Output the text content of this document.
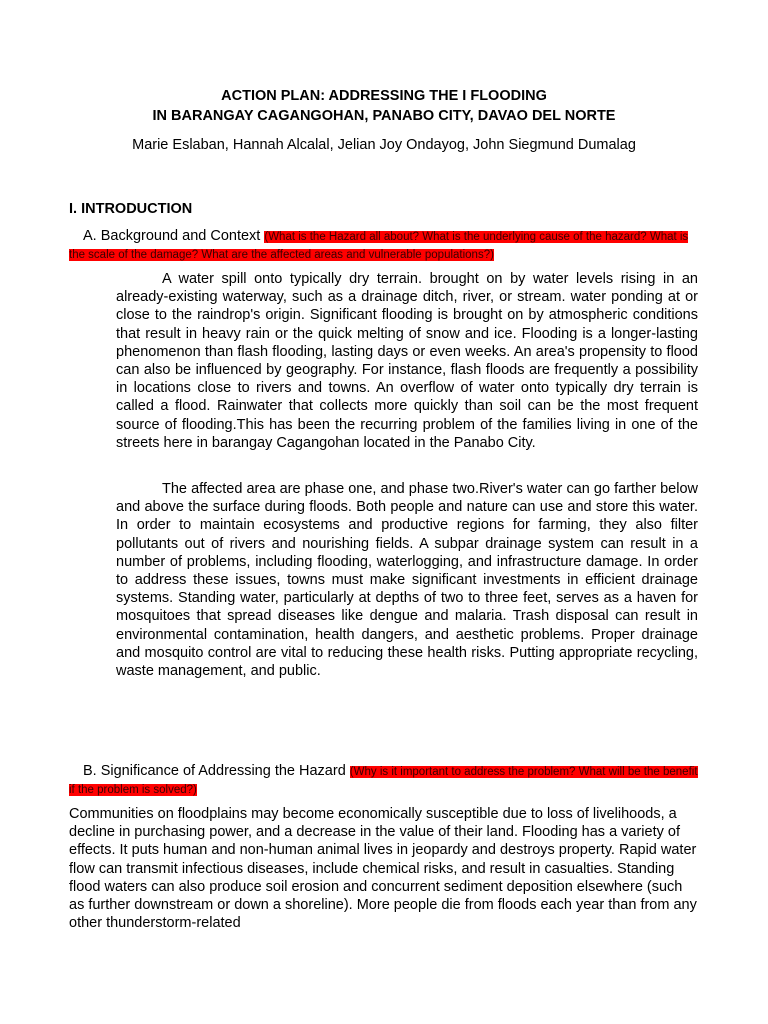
ACTION PLAN: ADDRESSING THE I FLOODING
IN BARANGAY CAGANGOHAN, PANABO CITY, DAVAO DEL NORTE
Marie Eslaban, Hannah Alcalal, Jelian Joy Ondayog, John Siegmund Dumalag
I. INTRODUCTION
A. Background and Context (What is the Hazard all about? What is the underlying cause of the hazard? What is the scale of the damage? What are the affected areas and vulnerable populations?)

A water spill onto typically dry terrain. brought on by water levels rising in an already-existing waterway, such as a drainage ditch, river, or stream. water ponding at or close to the raindrop's origin. Significant flooding is brought on by atmospheric conditions that result in heavy rain or the quick melting of snow and ice. Flooding is a longer-lasting phenomenon than flash flooding, lasting days or even weeks. An area's propensity to flood can also be influenced by geography. For instance, flash floods are frequently a possibility in locations close to rivers and towns. An overflow of water onto typically dry terrain is called a flood. Rainwater that collects more quickly than soil can be the most frequent source of flooding.This has been the recurring problem of the families living in one of the streets here in barangay Cagangohan located in the Panabo City.

The affected area are phase one, and phase two.River's water can go farther below and above the surface during floods. Both people and nature can use and store this water. In order to maintain ecosystems and productive regions for farming, they also filter pollutants out of rivers and nourishing fields. A subpar drainage system can result in a number of problems, including flooding, waterlogging, and infrastructure damage. In order to address these issues, towns must make significant investments in efficient drainage systems. Standing water, particularly at depths of two to three feet, serves as a haven for mosquitoes that spread diseases like dengue and malaria. Trash disposal can result in environmental contamination, health dangers, and aesthetic problems. Proper drainage and mosquito control are vital to reducing these health risks. Putting appropriate recycling, waste management, and public.

B. Significance of Addressing the Hazard (Why is it important to address the problem? What will be the benefit if the problem is solved?)

Communities on floodplains may become economically susceptible due to loss of livelihoods, a decline in purchasing power, and a decrease in the value of their land. Flooding has a variety of effects. It puts human and non-human animal lives in jeopardy and destroys property. Rapid water flow can transmit infectious diseases, include chemical risks, and result in casualties. Standing flood waters can also produce soil erosion and concurrent sediment deposition elsewhere (such as further downstream or down a shoreline). More people die from floods each year than from any other thunderstorm-related
